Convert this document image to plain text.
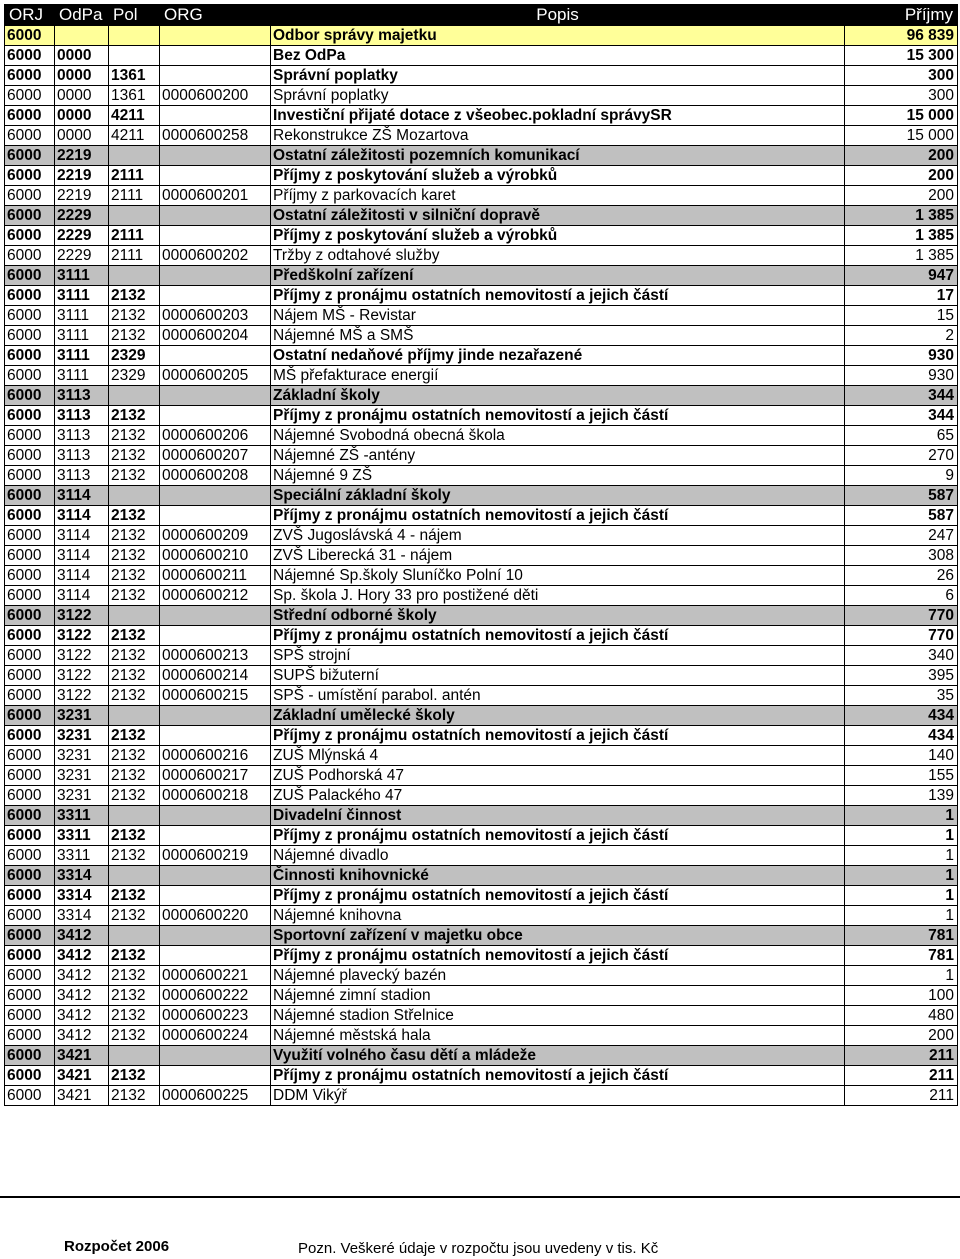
ORJ	OdPa	Pol	ORG	Popis	Příjmy
6000				Odbor správy majetku	96 839
6000	0000			Bez OdPa	15 300
6000	0000	1361		Správní poplatky	300
6000	0000	1361	0000600200	Správní poplatky	300
6000	0000	4211		Investiční přijaté dotace z všeobec.pokladní správySR	15 000
6000	0000	4211	0000600258	Rekonstrukce ZŠ Mozartova	15 000
6000	2219			Ostatní záležitosti pozemních komunikací	200
6000	2219	2111		Příjmy z poskytování služeb a výrobků	200
6000	2219	2111	0000600201	Příjmy z parkovacích karet	200
6000	2229			Ostatní záležitosti v silniční dopravě	1 385
6000	2229	2111		Příjmy z poskytování služeb a výrobků	1 385
6000	2229	2111	0000600202	Tržby z odtahové služby	1 385
6000	3111			Předškolní zařízení	947
6000	3111	2132		Příjmy z pronájmu ostatních nemovitostí a jejich částí	17
6000	3111	2132	0000600203	Nájem MŠ - Revistar	15
6000	3111	2132	0000600204	Nájemné MŠ a SMŠ	2
6000	3111	2329		Ostatní nedaňové příjmy jinde nezařazené	930
6000	3111	2329	0000600205	MŠ přefakturace energií	930
6000	3113			Základní školy	344
6000	3113	2132		Příjmy z pronájmu ostatních nemovitostí a jejich částí	344
6000	3113	2132	0000600206	Nájemné Svobodná obecná škola	65
6000	3113	2132	0000600207	Nájemné ZŠ -antény	270
6000	3113	2132	0000600208	Nájemné 9 ZŠ	9
6000	3114			Speciální základní školy	587
6000	3114	2132		Příjmy z pronájmu ostatních nemovitostí a jejich částí	587
6000	3114	2132	0000600209	ZVŠ Jugoslávská 4 - nájem	247
6000	3114	2132	0000600210	ZVŠ Liberecká 31 - nájem	308
6000	3114	2132	0000600211	Nájemné Sp.školy Sluníčko Polní 10	26
6000	3114	2132	0000600212	Sp. škola J. Hory 33 pro postižené děti	6
6000	3122			Střední odborné školy	770
6000	3122	2132		Příjmy z pronájmu ostatních nemovitostí a jejich částí	770
6000	3122	2132	0000600213	SPŠ strojní	340
6000	3122	2132	0000600214	SUPŠ bižuterní	395
6000	3122	2132	0000600215	SPŠ - umístění parabol. antén	35
6000	3231			Základní umělecké školy	434
6000	3231	2132		Příjmy z pronájmu ostatních nemovitostí a jejich částí	434
6000	3231	2132	0000600216	ZUŠ Mlýnská 4	140
6000	3231	2132	0000600217	ZUŠ Podhorská 47	155
6000	3231	2132	0000600218	ZUŠ Palackého 47	139
6000	3311			Divadelní činnost	1
6000	3311	2132		Příjmy z pronájmu ostatních nemovitostí a jejich částí	1
6000	3311	2132	0000600219	Nájemné divadlo	1
6000	3314			Činnosti knihovnické	1
6000	3314	2132		Příjmy z pronájmu ostatních nemovitostí a jejich částí	1
6000	3314	2132	0000600220	Nájemné knihovna	1
6000	3412			Sportovní zařízení v majetku obce	781
6000	3412	2132		Příjmy z pronájmu ostatních nemovitostí a jejich částí	781
6000	3412	2132	0000600221	Nájemné plavecký bazén	1
6000	3412	2132	0000600222	Nájemné zimní stadion	100
6000	3412	2132	0000600223	Nájemné stadion Střelnice	480
6000	3412	2132	0000600224	Nájemné městská hala	200
6000	3421			Využití volného času dětí a mládeže	211
6000	3421	2132		Příjmy z pronájmu ostatních nemovitostí a jejich částí	211
6000	3421	2132	0000600225	DDM Vikýř	211
Rozpočet 2006	Pozn. Veškeré údaje v rozpočtu jsou uvedeny v tis. Kč
